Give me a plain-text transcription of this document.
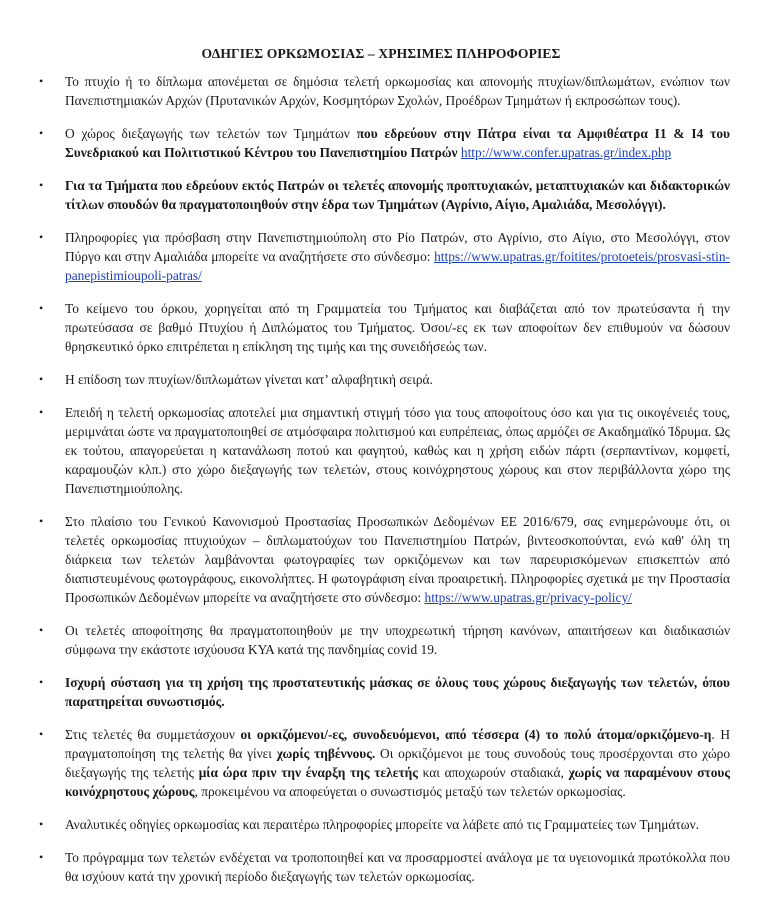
ΟΔΗΓΙΕΣ ΟΡΚΩΜΟΣΙΑΣ – ΧΡΗΣΙΜΕΣ ΠΛΗΡΟΦΟΡΙΕΣ
• Το πτυχίο ή το δίπλωμα απονέμεται σε δημόσια τελετή ορκωμοσίας και απονομής πτυχίων/διπλωμάτων, ενώπιον των Πανεπιστημιακών Αρχών (Πρυτανικών Αρχών, Κοσμητόρων Σχολών, Προέδρων Τμημάτων ή εκπροσώπων τους).
• Ο χώρος διεξαγωγής των τελετών των Τμημάτων που εδρεύουν στην Πάτρα είναι τα Αμφιθέατρα Ι1 & Ι4 του Συνεδριακού και Πολιτιστικού Κέντρου του Πανεπιστημίου Πατρών http://www.confer.upatras.gr/index.php
• Για τα Τμήματα που εδρεύουν εκτός Πατρών οι τελετές απονομής προπτυχιακών, μεταπτυχιακών και διδακτορικών τίτλων σπουδών θα πραγματοποιηθούν στην έδρα των Τμημάτων (Αγρίνιο, Αίγιο, Αμαλιάδα, Μεσολόγγι).
• Πληροφορίες για πρόσβαση στην Πανεπιστημιούπολη στο Ρίο Πατρών, στο Αγρίνιο, στο Αίγιο, στο Μεσολόγγι, στον Πύργο και στην Αμαλιάδα μπορείτε να αναζητήσετε στο σύνδεσμο: https://www.upatras.gr/foitites/protoeteis/prosvasi-stin-panepistimioupoli-patras/
• Το κείμενο του όρκου, χορηγείται από τη Γραμματεία του Τμήματος και διαβάζεται από τον πρωτεύσαντα ή την πρωτεύσασα σε βαθμό Πτυχίου ή Διπλώματος του Τμήματος. Όσοι/-ες εκ των αποφοίτων δεν επιθυμούν να δώσουν θρησκευτικό όρκο επιτρέπεται η επίκληση της τιμής και της συνειδήσεώς των.
• Η επίδοση των πτυχίων/διπλωμάτων γίνεται κατ’ αλφαβητική σειρά.
• Επειδή η τελετή ορκωμοσίας αποτελεί μια σημαντική στιγμή τόσο για τους αποφοίτους όσο και για τις οικογένειές τους, μεριμνάται ώστε να πραγματοποιηθεί σε ατμόσφαιρα πολιτισμού και ευπρέπειας, όπως αρμόζει σε Ακαδημαϊκό Ίδρυμα. Ως εκ τούτου, απαγορεύεται η κατανάλωση ποτού και φαγητού, καθώς και η χρήση ειδών πάρτι (σερπαντίνων, κομφετί, καραμουζών κλπ.) στο χώρο διεξαγωγής των τελετών, στους κοινόχρηστους χώρους και στον περιβάλλοντα χώρο της Πανεπιστημιούπολης.
• Στο πλαίσιο του Γενικού Κανονισμού Προστασίας Προσωπικών Δεδομένων ΕΕ 2016/679, σας ενημερώνουμε ότι, οι τελετές ορκωμοσίας πτυχιούχων – διπλωματούχων του Πανεπιστημίου Πατρών, βιντεοσκοπούνται, ενώ καθ' όλη τη διάρκεια των τελετών λαμβάνονται φωτογραφίες των ορκιζόμενων και των παρευρισκόμενων επισκεπτών από διαπιστευμένους φωτογράφους, εικονολήπτες. Η φωτογράφιση είναι προαιρετική. Πληροφορίες σχετικά με την Προστασία Προσωπικών Δεδομένων μπορείτε να αναζητήσετε στο σύνδεσμο: https://www.upatras.gr/privacy-policy/
• Οι τελετές αποφοίτησης θα πραγματοποιηθούν με την υποχρεωτική τήρηση κανόνων, απαιτήσεων και διαδικασιών σύμφωνα την εκάστοτε ισχύουσα ΚΥΑ κατά της πανδημίας covid 19.
• Ισχυρή σύσταση για τη χρήση της προστατευτικής μάσκας σε όλους τους χώρους διεξαγωγής των τελετών, όπου παρατηρείται συνωστισμός.
• Στις τελετές θα συμμετάσχουν οι ορκιζόμενοι/-ες, συνοδευόμενοι, από τέσσερα (4) το πολύ άτομα/ορκιζόμενο-η. Η πραγματοποίηση της τελετής θα γίνει χωρίς τηβέννους. Οι ορκιζόμενοι με τους συνοδούς τους προσέρχονται στο χώρο διεξαγωγής της τελετής μία ώρα πριν την έναρξη της τελετής και αποχωρούν σταδιακά, χωρίς να παραμένουν στους κοινόχρηστους χώρους, προκειμένου να αποφεύγεται ο συνωστισμός μεταξύ των τελετών ορκωμοσίας.
• Αναλυτικές οδηγίες ορκωμοσίας και περαιτέρω πληροφορίες μπορείτε να λάβετε από τις Γραμματείες των Τμημάτων.
• Το πρόγραμμα των τελετών ενδέχεται να τροποποιηθεί και να προσαρμοστεί ανάλογα με τα υγειονομικά πρωτόκολλα που θα ισχύουν κατά την χρονική περίοδο διεξαγωγής των τελετών ορκωμοσίας.
